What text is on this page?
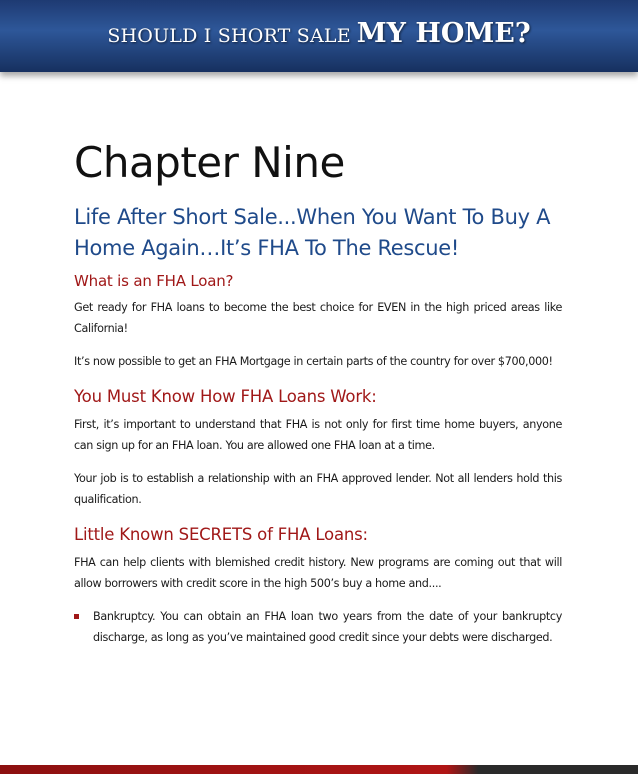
SHOULD I SHORT SALE MY HOME?
Chapter Nine
Life After Short Sale...When You Want To Buy A Home Again…It’s FHA To The Rescue!
What is an FHA Loan?

Get ready for FHA loans to become the best choice for EVEN in the high priced areas like California!

It’s now possible to get an FHA Mortgage in certain parts of the country for over $700,000!

You Must Know How FHA Loans Work:

First, it’s important to understand that FHA is not only for first time home buyers, anyone can sign up for an FHA loan. You are allowed one FHA loan at a time.

Your job is to establish a relationship with an FHA approved lender. Not all lenders hold this qualification.

Little Known SECRETS of FHA Loans:

FHA can help clients with blemished credit history. New programs are coming out that will allow borrowers with credit score in the high 500’s buy a home and....

Bankruptcy. You can obtain an FHA loan two years from the date of your bankruptcy discharge, as long as you’ve maintained good credit since your debts were discharged.
